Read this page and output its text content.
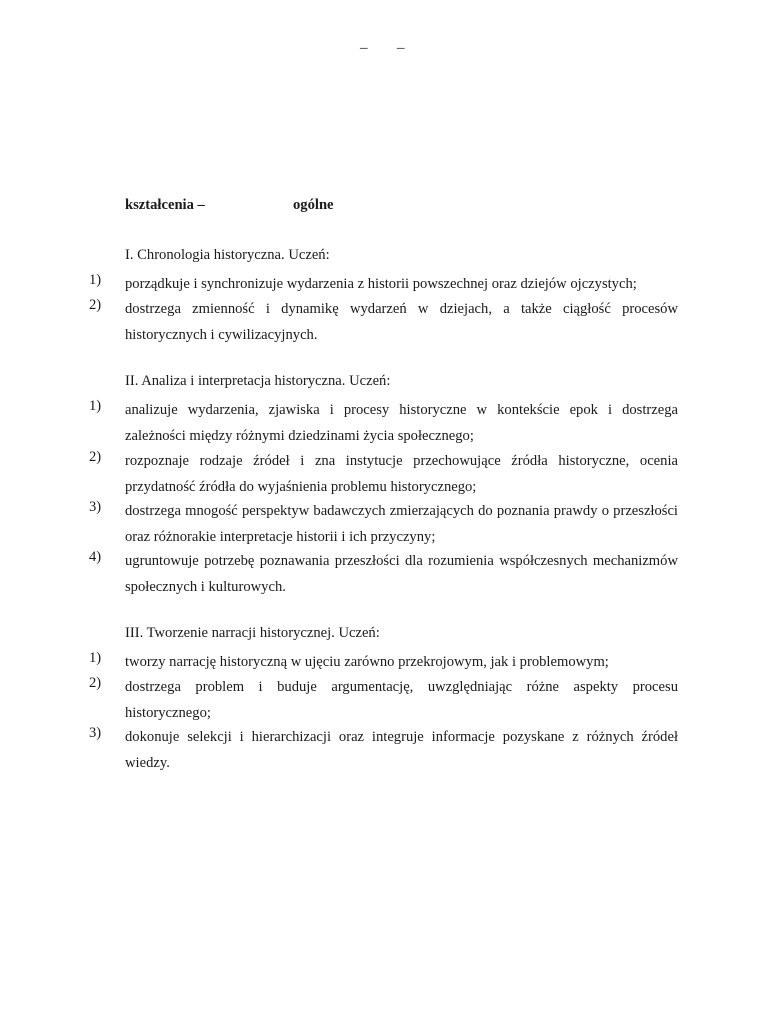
– –
kształcenia –	ogólne
I. Chronologia historyczna. Uczeń:
1)	porządkuje i synchronizuje wydarzenia z historii powszechnej oraz dziejów ojczystych;
2)	dostrzega zmienność i dynamikę wydarzeń w dziejach, a także ciągłość procesów historycznych i cywilizacyjnych.
II. Analiza i interpretacja historyczna. Uczeń:
1)	analizuje wydarzenia, zjawiska i procesy historyczne w kontekście epok i dostrzega zależności między różnymi dziedzinami życia społecznego;
2)	rozpoznaje rodzaje źródeł i zna instytucje przechowujące źródła historyczne, ocenia przydatność źródła do wyjaśnienia problemu historycznego;
3)	dostrzega mnogość perspektyw badawczych zmierzających do poznania prawdy o przeszłości oraz różnorakie interpretacje historii i ich przyczyny;
4)	ugruntowuje potrzebę poznawania przeszłości dla rozumienia współczesnych mechanizmów społecznych i kulturowych.
III. Tworzenie narracji historycznej. Uczeń:
1)	tworzy narrację historyczną w ujęciu zarówno przekrojowym, jak i problemowym;
2)	dostrzega problem i buduje argumentację, uwzględniając różne aspekty procesu historycznego;
3)	dokonuje selekcji i hierarchizacji oraz integruje informacje pozyskane z różnych źródeł wiedzy.
